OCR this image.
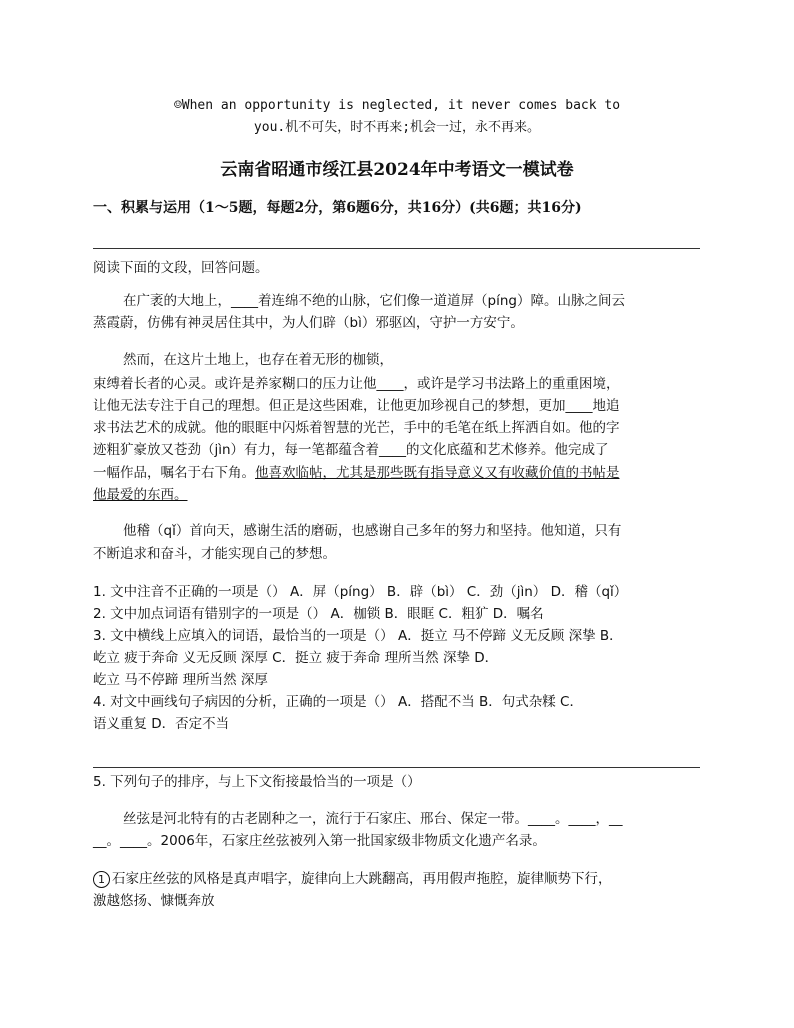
☺When an opportunity is neglected, it never comes back to
you.机不可失，时不再来;机会一过，永不再来。
云南省昭通市绥江县2024年中考语文一模试卷
一、积累与运用（1～5题，每题2分，第6题6分，共16分）(共6题；共16分)
阅读下面的文段，回答问题。
在广袤的大地上，____着连绵不绝的山脉，它们像一道道屏（píng）障。山脉之间云
蒸霞蔚，仿佛有神灵居住其中，为人们辟（bì）邪驱凶，守护一方安宁。
然而，在这片土地上，也存在着无形的枷锁，
束缚着长者的心灵。或许是养家糊口的压力让他____，或许是学习书法路上的重重困境，
让他无法专注于自己的理想。但正是这些困难，让他更加珍视自己的梦想，更加____地追
求书法艺术的成就。他的眼眶中闪烁着智慧的光芒，手中的毛笔在纸上挥洒自如。他的字
迹粗犷豪放又苍劲（jìn）有力，每一笔都蕴含着____的文化底蕴和艺术修养。他完成了
一幅作品，嘱名于右下角。他喜欢临帖，尤其是那些既有指导意义又有收藏价值的书帖是
他最爱的东西。
他稽（qǐ）首向天，感谢生活的磨砺，也感谢自己多年的努力和坚持。他知道，只有
不断追求和奋斗，才能实现自己的梦想。
1. 文中注音不正确的一项是（） A．屏（píng） B．辟（bì） C．劲（jìn） D．稽（qǐ）
2. 文中加点词语有错别字的一项是（） A．枷锁 B．眼眶 C．粗犷 D．嘱名
3. 文中横线上应填入的词语，最恰当的一项是（） A．挺立 马不停蹄 义无反顾 深挚 B．
屹立 疲于奔命 义无反顾 深厚 C．挺立 疲于奔命 理所当然 深挚 D．
屹立 马不停蹄 理所当然 深厚
4. 对文中画线句子病因的分析，正确的一项是（） A．搭配不当 B．句式杂糅 C．
语义重复 D．否定不当
5. 下列句子的排序，与上下文衔接最恰当的一项是（）
丝弦是河北特有的古老剧种之一，流行于石家庄、邢台、保定一带。____。____，__
__。____。2006年，石家庄丝弦被列入第一批国家级非物质文化遗产名录。
1 石家庄丝弦的风格是真声唱字，旋律向上大跳翻高，再用假声拖腔，旋律顺势下行，
激越悠扬、慷慨奔放
